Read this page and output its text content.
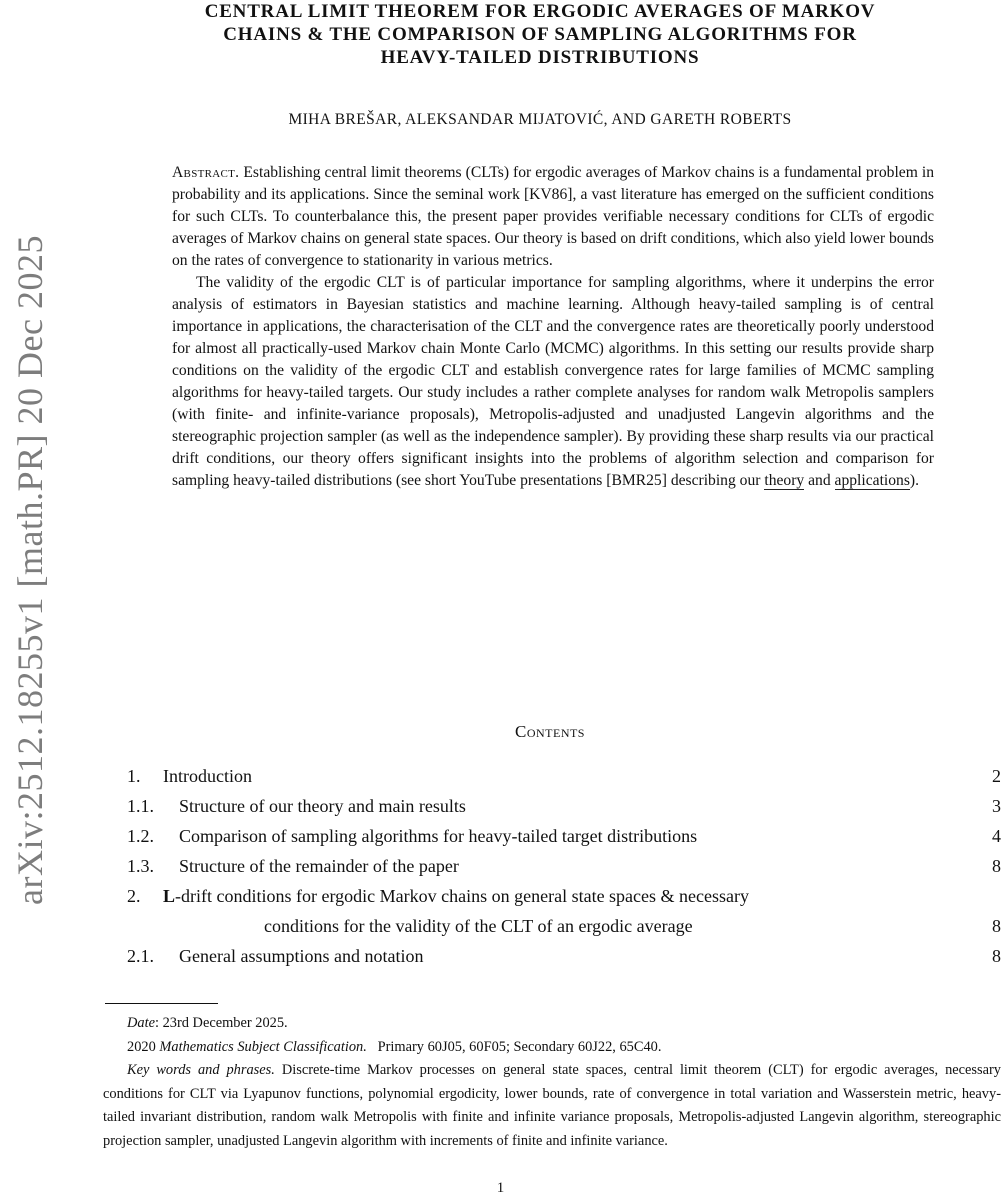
arXiv:2512.18255v1 [math.PR] 20 Dec 2025
CENTRAL LIMIT THEOREM FOR ERGODIC AVERAGES OF MARKOV
CHAINS & THE COMPARISON OF SAMPLING ALGORITHMS FOR
HEAVY-TAILED DISTRIBUTIONS
MIHA BREŠAR, ALEKSANDAR MIJATOVIĆ, AND GARETH ROBERTS

Abstract. Establishing central limit theorems (CLTs) for ergodic averages of Markov chains is a fundamental problem in probability and its applications. Since the seminal work [KV86], a vast literature has emerged on the sufficient conditions for such CLTs. To counterbalance this, the present paper provides verifiable necessary conditions for CLTs of ergodic averages of Markov chains on general state spaces. Our theory is based on drift conditions, which also yield lower bounds on the rates of convergence to stationarity in various metrics.

The validity of the ergodic CLT is of particular importance for sampling algorithms, where it underpins the error analysis of estimators in Bayesian statistics and machine learning. Although heavy-tailed sampling is of central importance in applications, the characterisation of the CLT and the convergence rates are theoretically poorly understood for almost all practically-used Markov chain Monte Carlo (MCMC) algorithms. In this setting our results provide sharp conditions on the validity of the ergodic CLT and establish convergence rates for large families of MCMC sampling algorithms for heavy-tailed targets. Our study includes a rather complete analyses for random walk Metropolis samplers (with finite- and infinite-variance proposals), Metropolis-adjusted and unadjusted Langevin algorithms and the stereographic projection sampler (as well as the independence sampler). By providing these sharp results via our practical drift conditions, our theory offers significant insights into the problems of algorithm selection and comparison for sampling heavy-tailed distributions (see short YouTube presentations [BMR25] describing our theory and applications).

Contents
1. Introduction	2
1.1. Structure of our theory and main results	3
1.2. Comparison of sampling algorithms for heavy-tailed target distributions	4
1.3. Structure of the remainder of the paper	8
2. L-drift conditions for ergodic Markov chains on general state spaces & necessary
conditions for the validity of the CLT of an ergodic average	8
2.1. General assumptions and notation	8

Date: 23rd December 2025.

2020 Mathematics Subject Classification. Primary 60J05, 60F05; Secondary 60J22, 65C40.

Key words and phrases. Discrete-time Markov processes on general state spaces, central limit theorem (CLT) for ergodic averages, necessary conditions for CLT via Lyapunov functions, polynomial ergodicity, lower bounds, rate of convergence in total variation and Wasserstein metric, heavy-tailed invariant distribution, random walk Metropolis with finite and infinite variance proposals, Metropolis-adjusted Langevin algorithm, stereographic projection sampler, unadjusted Langevin algorithm with increments of finite and infinite variance.

1
